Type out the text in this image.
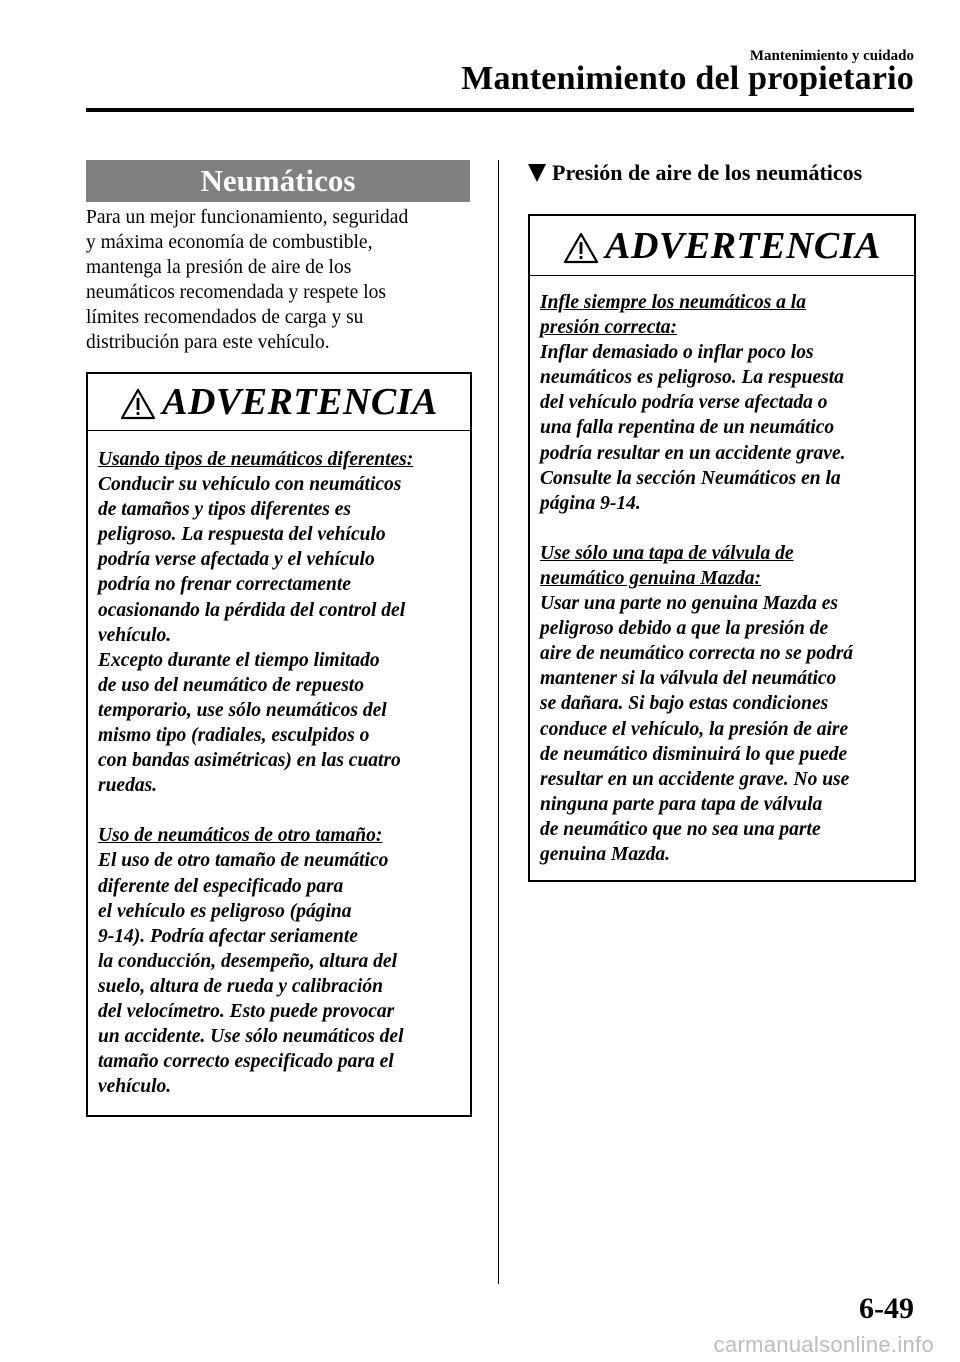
Mantenimiento y cuidado
Mantenimiento del propietario
Neumáticos
Para un mejor funcionamiento, seguridad
y máxima economía de combustible,
mantenga la presión de aire de los
neumáticos recomendada y respete los
límites recomendados de carga y su
distribución para este vehículo.
ADVERTENCIA
Usando tipos de neumáticos diferentes:
Conducir su vehículo con neumáticos
de tamaños y tipos diferentes es
peligroso. La respuesta del vehículo
podría verse afectada y el vehículo
podría no frenar correctamente
ocasionando la pérdida del control del
vehículo.
Excepto durante el tiempo limitado
de uso del neumático de repuesto
temporario, use sólo neumáticos del
mismo tipo (radiales, esculpidos o
con bandas asimétricas) en las cuatro
ruedas.
Uso de neumáticos de otro tamaño:
El uso de otro tamaño de neumático
diferente del especificado para
el vehículo es peligroso (página
9-14). Podría afectar seriamente
la conducción, desempeño, altura del
suelo, altura de rueda y calibración
del velocímetro. Esto puede provocar
un accidente. Use sólo neumáticos del
tamaño correcto especificado para el
vehículo.
Presión de aire de los neumáticos
ADVERTENCIA
Infle siempre los neumáticos a la
presión correcta:
Inflar demasiado o inflar poco los
neumáticos es peligroso. La respuesta
del vehículo podría verse afectada o
una falla repentina de un neumático
podría resultar en un accidente grave.
Consulte la sección Neumáticos en la
página 9-14.
Use sólo una tapa de válvula de
neumático genuina Mazda:
Usar una parte no genuina Mazda es
peligroso debido a que la presión de
aire de neumático correcta no se podrá
mantener si la válvula del neumático
se dañara. Si bajo estas condiciones
conduce el vehículo, la presión de aire
de neumático disminuirá lo que puede
resultar en un accidente grave. No use
ninguna parte para tapa de válvula
de neumático que no sea una parte
genuina Mazda.
6-49
carmanualsonline.info
